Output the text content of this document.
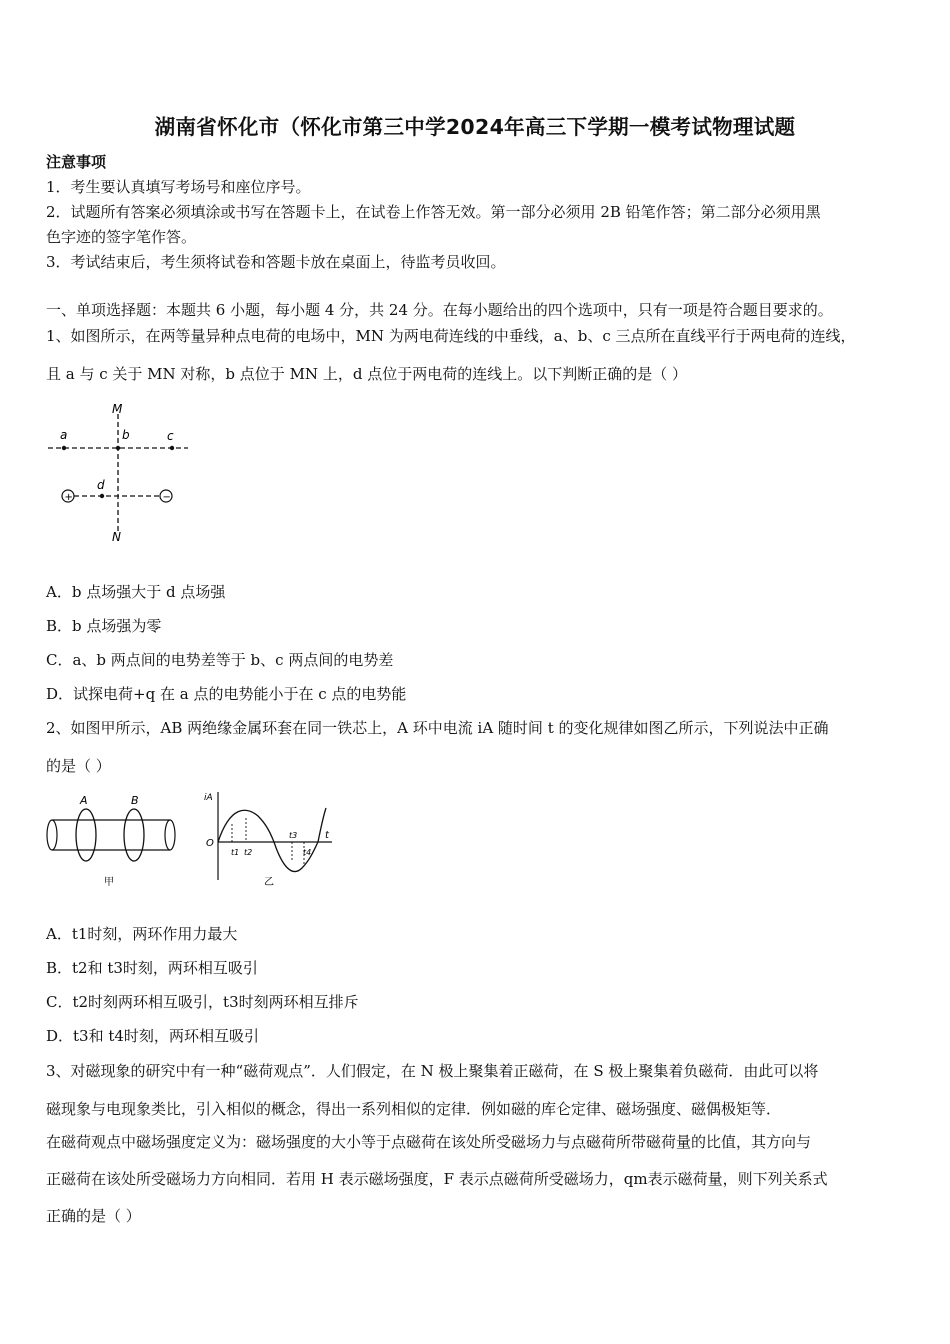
湖南省怀化市（怀化市第三中学2024年高三下学期一模考试物理试题
注意事项
1．考生要认真填写考场号和座位序号。
2．试题所有答案必须填涂或书写在答题卡上，在试卷上作答无效。第一部分必须用 2B 铅笔作答；第二部分必须用黑
色字迹的签字笔作答。
3．考试结束后，考生须将试卷和答题卡放在桌面上，待监考员收回。
一、单项选择题：本题共 6 小题，每小题 4 分，共 24 分。在每小题给出的四个选项中，只有一项是符合题目要求的。
1、如图所示，在两等量异种点电荷的电场中，MN 为两电荷连线的中垂线，a、b、c 三点所在直线平行于两电荷的连线，
且 a 与 c 关于 MN 对称，b 点位于 MN 上，d 点位于两电荷的连线上。以下判断正确的是（ ）
M
N
a	b	c
d
+	−
A．b 点场强大于 d 点场强
B．b 点场强为零
C．a、b 两点间的电势差等于 b、c 两点间的电势差
D．试探电荷+q 在 a 点的电势能小于在 c 点的电势能
2、如图甲所示，AB 两绝缘金属环套在同一铁芯上，A 环中电流 iA 随时间 t 的变化规律如图乙所示，下列说法中正确
的是（ ）
A	B
甲
iA
O
t
t1 t2
t3
t4
乙
A．t1时刻，两环作用力最大
B．t2和 t3时刻，两环相互吸引
C．t2时刻两环相互吸引，t3时刻两环相互排斥
D．t3和 t4时刻，两环相互吸引
3、对磁现象的研究中有一种“磁荷观点”．人们假定，在 N 极上聚集着正磁荷，在 S 极上聚集着负磁荷．由此可以将
磁现象与电现象类比，引入相似的概念，得出一系列相似的定律．例如磁的库仑定律、磁场强度、磁偶极矩等．
在磁荷观点中磁场强度定义为：磁场强度的大小等于点磁荷在该处所受磁场力与点磁荷所带磁荷量的比值，其方向与
正磁荷在该处所受磁场力方向相同．若用 H 表示磁场强度，F 表示点磁荷所受磁场力，qm表示磁荷量，则下列关系式
正确的是（ ）
